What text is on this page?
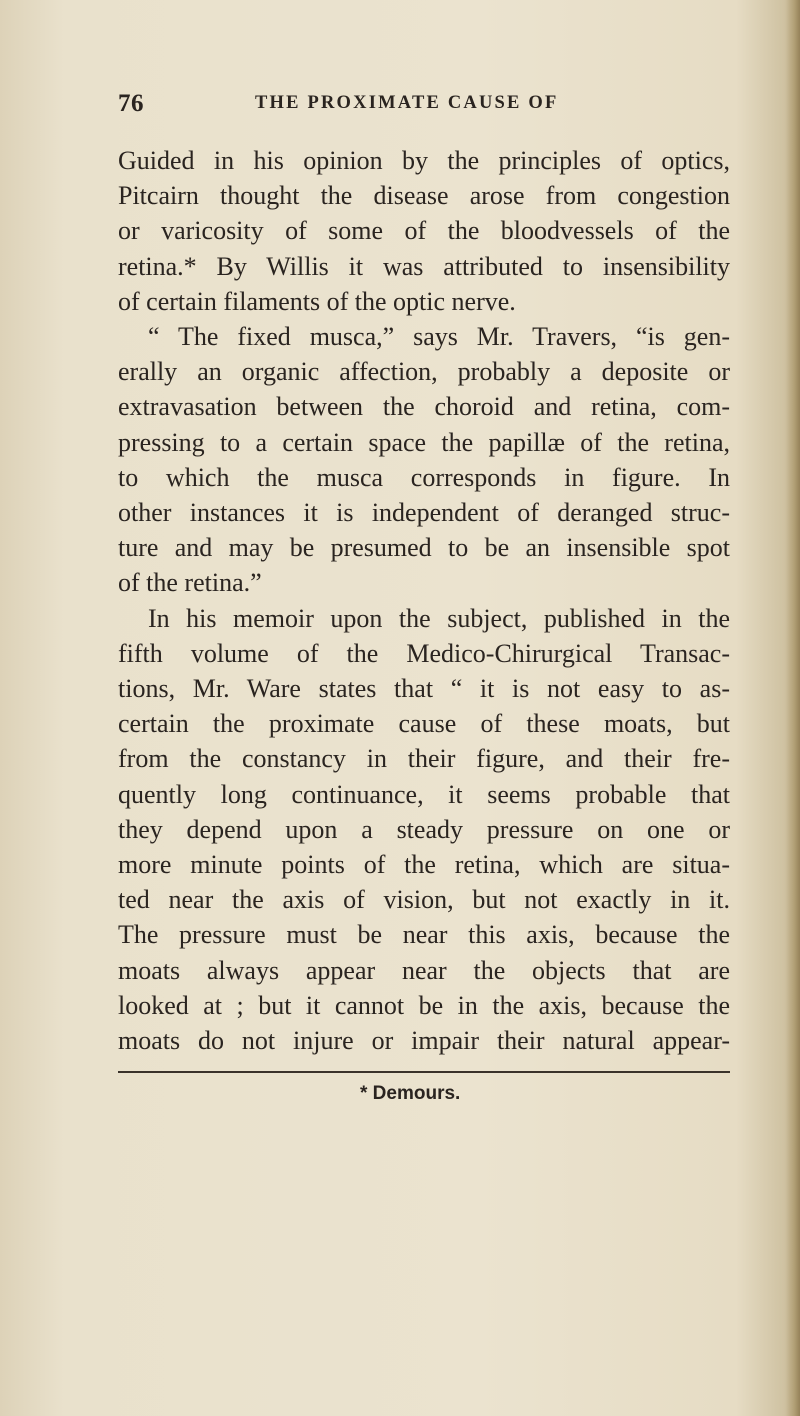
76	THE PROXIMATE CAUSE OF
Guided in his opinion by the principles of optics,
Pitcairn thought the disease arose from congestion
or varicosity of some of the bloodvessels of the
retina.* By Willis it was attributed to insensibility
of certain filaments of the optic nerve.
“ The fixed musca,” says Mr. Travers, “is gen-
erally an organic affection, probably a deposite or
extravasation between the choroid and retina, com-
pressing to a certain space the papillæ of the retina,
to which the musca corresponds in figure. In
other instances it is independent of deranged struc-
ture and may be presumed to be an insensible spot
of the retina.”
In his memoir upon the subject, published in the
fifth volume of the Medico-Chirurgical Transac-
tions, Mr. Ware states that “ it is not easy to as-
certain the proximate cause of these moats, but
from the constancy in their figure, and their fre-
quently long continuance, it seems probable that
they depend upon a steady pressure on one or
more minute points of the retina, which are situa-
ted near the axis of vision, but not exactly in it.
The pressure must be near this axis, because the
moats always appear near the objects that are
looked at ; but it cannot be in the axis, because the
moats do not injure or impair their natural appear-
* Demours.
